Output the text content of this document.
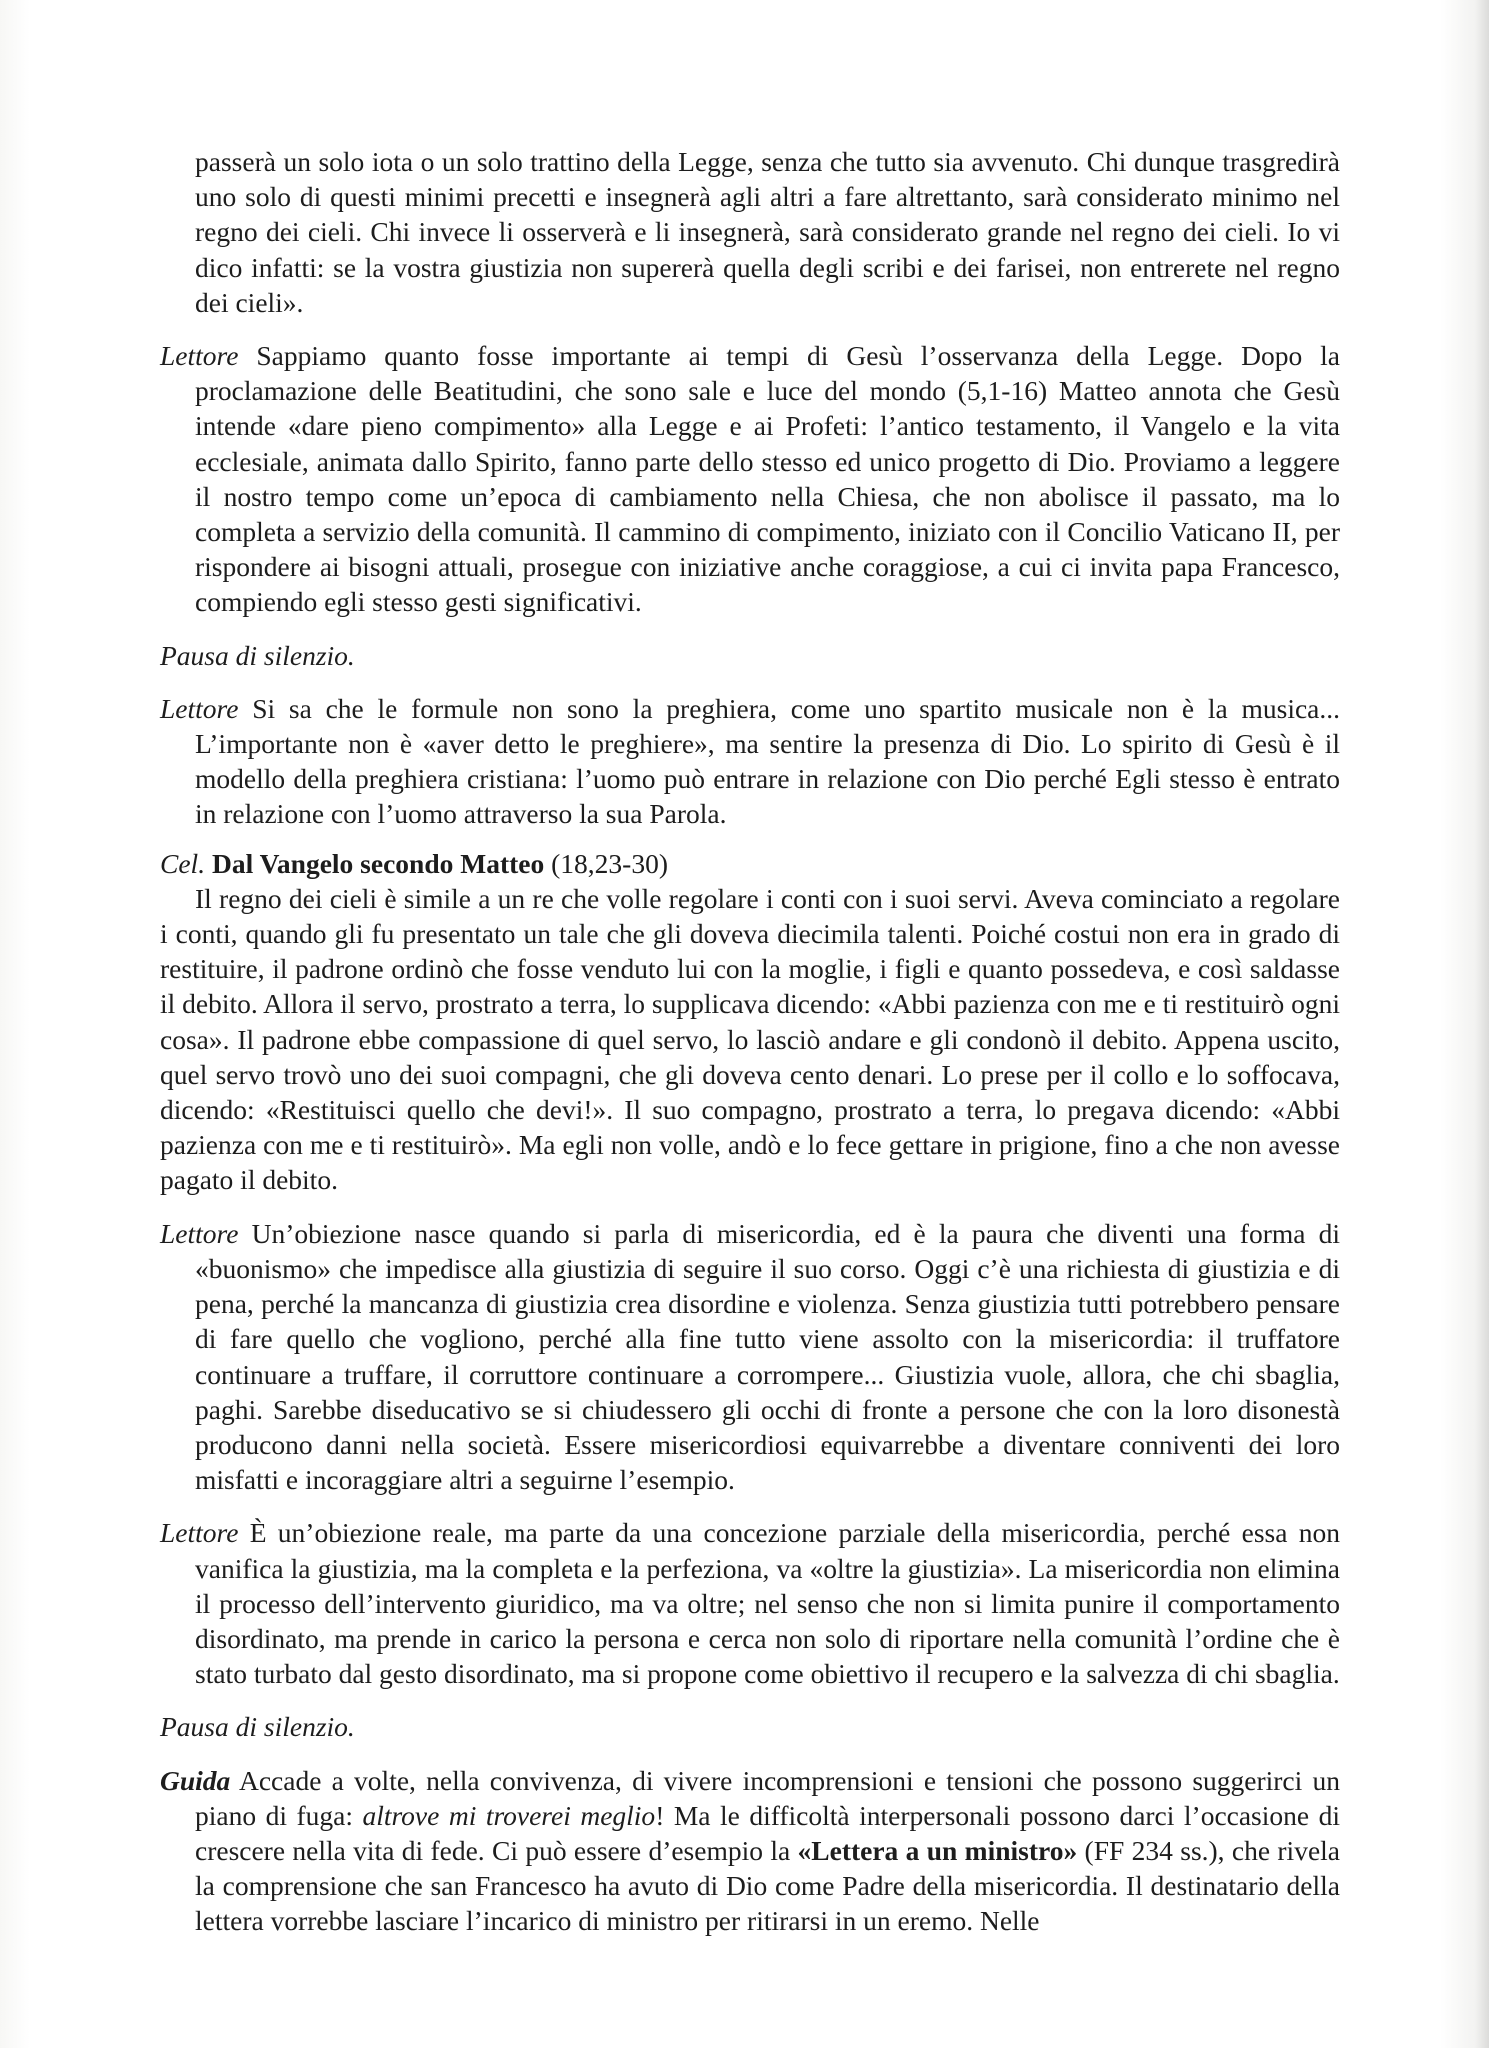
passerà un solo iota o un solo trattino della Legge, senza che tutto sia avvenuto. Chi dunque trasgredirà uno solo di questi minimi precetti e insegnerà agli altri a fare altrettanto, sarà considerato minimo nel regno dei cieli. Chi invece li osserverà e li insegnerà, sarà considerato grande nel regno dei cieli. Io vi dico infatti: se la vostra giustizia non supererà quella degli scribi e dei farisei, non entrerete nel regno dei cieli».

Lettore Sappiamo quanto fosse importante ai tempi di Gesù l’osservanza della Legge. Dopo la proclamazione delle Beatitudini, che sono sale e luce del mondo (5,1-16) Matteo annota che Gesù intende «dare pieno compimento» alla Legge e ai Profeti: l’antico testamento, il Vangelo e la vita ecclesiale, animata dallo Spirito, fanno parte dello stesso ed unico progetto di Dio. Proviamo a leggere il nostro tempo come un’epoca di cambiamento nella Chiesa, che non abolisce il passato, ma lo completa a servizio della comunità. Il cammino di compimento, iniziato con il Concilio Vaticano II, per rispondere ai bisogni attuali, prosegue con iniziative anche coraggiose, a cui ci invita papa Francesco, compiendo egli stesso gesti significativi.

Pausa di silenzio.

Lettore Si sa che le formule non sono la preghiera, come uno spartito musicale non è la musica... L’importante non è «aver detto le preghiere», ma sentire la presenza di Dio. Lo spirito di Gesù è il modello della preghiera cristiana: l’uomo può entrare in relazione con Dio perché Egli stesso è entrato in relazione con l’uomo attraverso la sua Parola.

Cel. Dal Vangelo secondo Matteo (18,23-30)

Il regno dei cieli è simile a un re che volle regolare i conti con i suoi servi. Aveva cominciato a regolare i conti, quando gli fu presentato un tale che gli doveva diecimila talenti. Poiché costui non era in grado di restituire, il padrone ordinò che fosse venduto lui con la moglie, i figli e quanto possedeva, e così saldasse il debito. Allora il servo, prostrato a terra, lo supplicava dicendo: «Abbi pazienza con me e ti restituirò ogni cosa». Il padrone ebbe compassione di quel servo, lo lasciò andare e gli condonò il debito. Appena uscito, quel servo trovò uno dei suoi compagni, che gli doveva cento denari. Lo prese per il collo e lo soffocava, dicendo: «Restituisci quello che devi!». Il suo compagno, prostrato a terra, lo pregava dicendo: «Abbi pazienza con me e ti restituirò». Ma egli non volle, andò e lo fece gettare in prigione, fino a che non avesse pagato il debito.

Lettore Un’obiezione nasce quando si parla di misericordia, ed è la paura che diventi una forma di «buonismo» che impedisce alla giustizia di seguire il suo corso. Oggi c’è una richiesta di giustizia e di pena, perché la mancanza di giustizia crea disordine e violenza. Senza giustizia tutti potrebbero pensare di fare quello che vogliono, perché alla fine tutto viene assolto con la misericordia: il truffatore continuare a truffare, il corruttore continuare a corrompere... Giustizia vuole, allora, che chi sbaglia, paghi. Sarebbe diseducativo se si chiudessero gli occhi di fronte a persone che con la loro disonestà producono danni nella società. Essere misericordiosi equivarrebbe a diventare conniventi dei loro misfatti e incoraggiare altri a seguirne l’esempio.

Lettore È un’obiezione reale, ma parte da una concezione parziale della misericordia, perché essa non vanifica la giustizia, ma la completa e la perfeziona, va «oltre la giustizia». La misericordia non elimina il processo dell’intervento giuridico, ma va oltre; nel senso che non si limita punire il comportamento disordinato, ma prende in carico la persona e cerca non solo di riportare nella comunità l’ordine che è stato turbato dal gesto disordinato, ma si propone come obiettivo il recupero e la salvezza di chi sbaglia.

Pausa di silenzio.

Guida Accade a volte, nella convivenza, di vivere incomprensioni e tensioni che possono suggerirci un piano di fuga: altrove mi troverei meglio! Ma le difficoltà interpersonali possono darci l’occasione di crescere nella vita di fede. Ci può essere d’esempio la «Lettera a un ministro» (FF 234 ss.), che rivela la comprensione che san Francesco ha avuto di Dio come Padre della misericordia. Il destinatario della lettera vorrebbe lasciare l’incarico di ministro per ritirarsi in un eremo. Nelle
